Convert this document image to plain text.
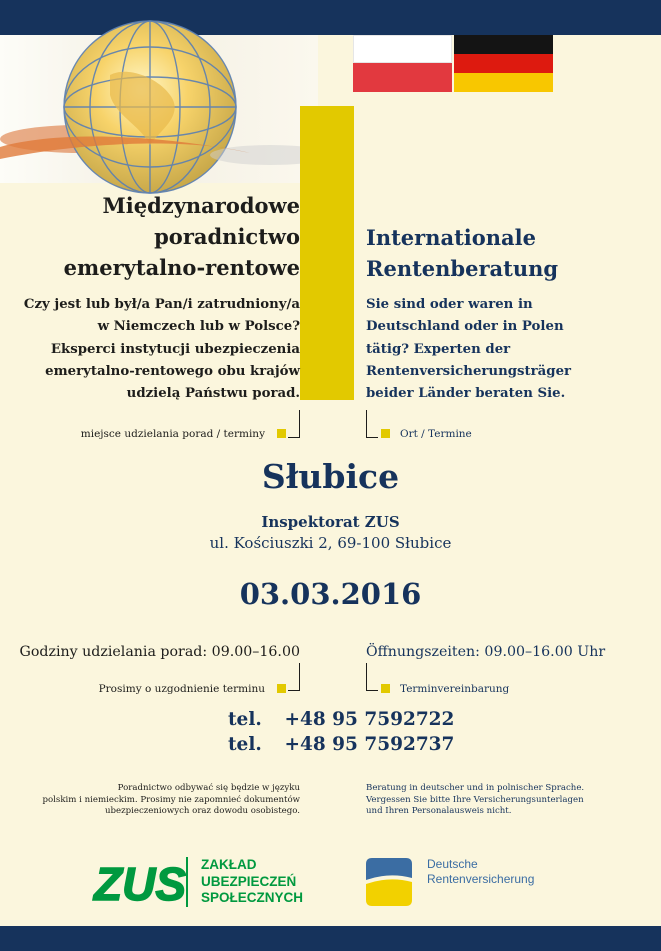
Międzynarodowe
poradnictwo
emerytalno-rentowe
Internationale
Rentenberatung
Czy jest lub był/a Pan/i zatrudniony/a
w Niemczech lub w Polsce?
Eksperci instytucji ubezpieczenia
emerytalno-rentowego obu krajów
udzielą Państwu porad.
Sie sind oder waren in
Deutschland oder in Polen
tätig? Experten der
Rentenversicherungsträger
beider Länder beraten Sie.
miejsce udzielania porad / terminy	Ort / Termine
Słubice
Inspektorat ZUS
ul. Kościuszki 2, 69-100 Słubice
03.03.2016
Godziny udzielania porad: 09.00–16.00	Öffnungszeiten: 09.00–16.00 Uhr
Prosimy o uzgodnienie terminu	Terminvereinbarung
tel. +48 95 7592722
tel. +48 95 7592737
Poradnictwo odbywać się będzie w języku
polskim i niemieckim. Prosimy nie zapomnieć dokumentów
ubezpieczeniowych oraz dowodu osobistego.
Beratung in deutscher und in polnischer Sprache.
Vergessen Sie bitte Ihre Versicherungsunterlagen
und Ihren Personalausweis nicht.
ZUS ZAKŁAD
UBEZPIECZEŃ
SPOŁECZNYCH
Deutsche
Rentenversicherung
